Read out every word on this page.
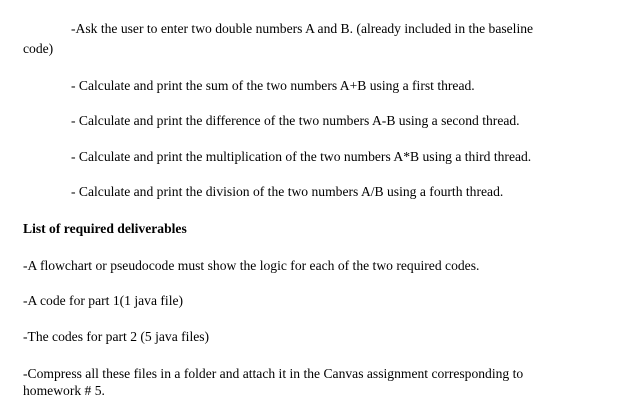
-Ask the user to enter two double numbers A and B. (already included in the baseline
code)
- Calculate and print the sum of the two numbers A+B using a first thread.
- Calculate and print the difference of the two numbers A-B using a second thread.
- Calculate and print the multiplication of the two numbers A*B using a third thread.
- Calculate and print the division of the two numbers A/B using a fourth thread.
List of required deliverables
-A flowchart or pseudocode must show the logic for each of the two required codes.
-A code for part 1(1 java file)
-The codes for part 2 (5 java files)
-Compress all these files in a folder and attach it in the Canvas assignment corresponding to
homework # 5.
